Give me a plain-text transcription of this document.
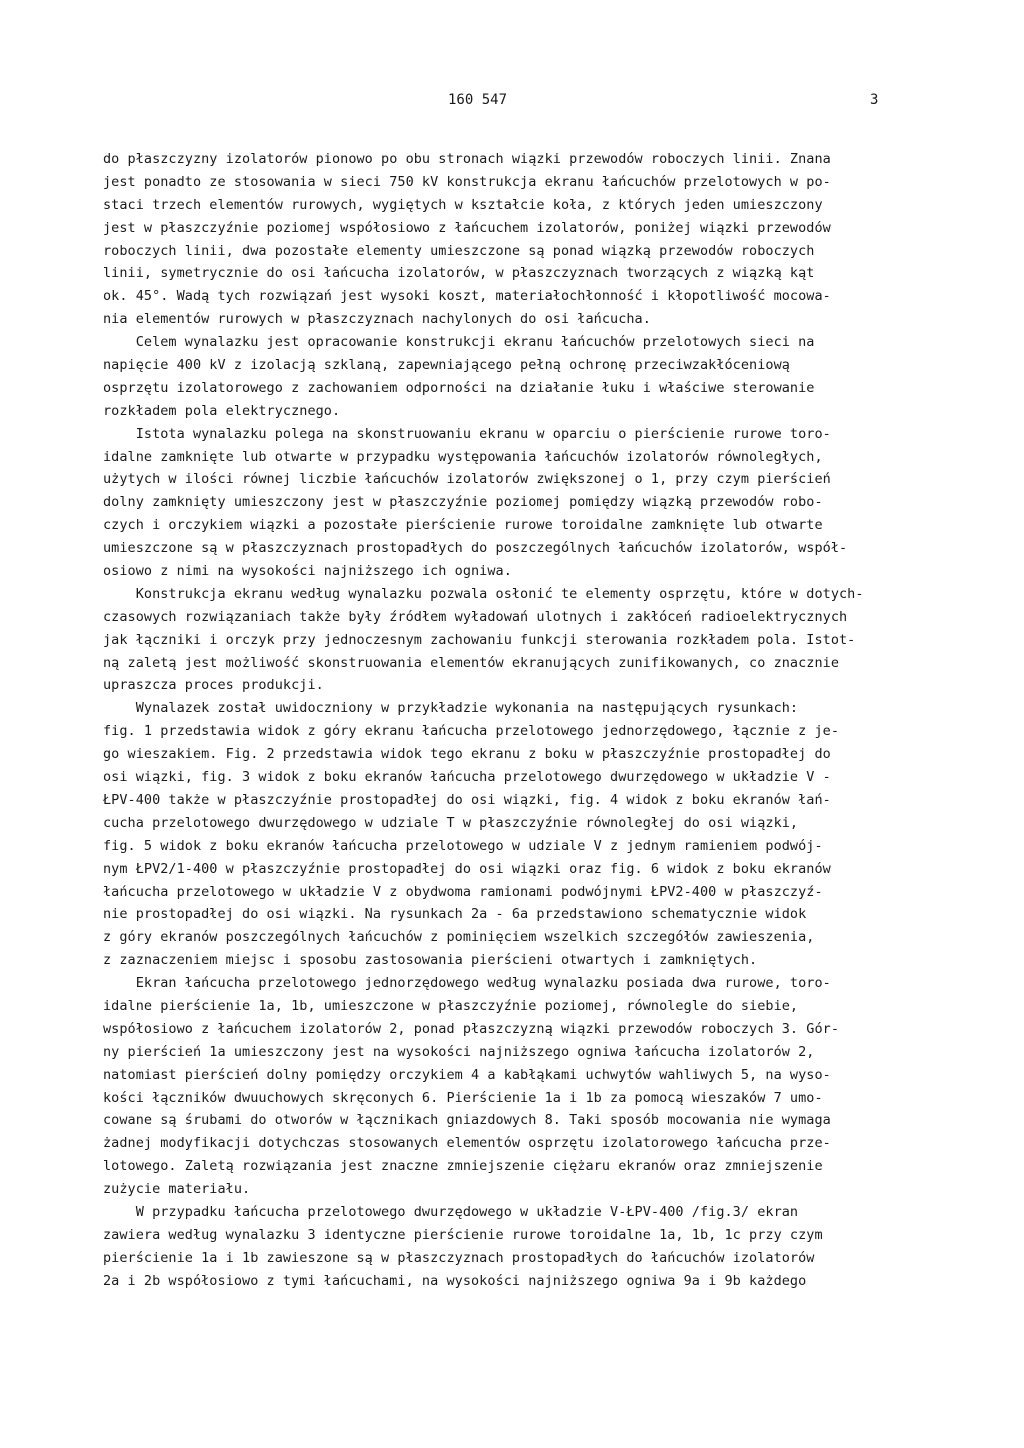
160 547	3
do płaszczyzny izolatorów pionowo po obu stronach wiązki przewodów roboczych linii. Znana
jest ponadto ze stosowania w sieci 750 kV konstrukcja ekranu łańcuchów przelotowych w po-
staci trzech elementów rurowych, wygiętych w kształcie koła, z których jeden umieszczony
jest w płaszczyźnie poziomej współosiowo z łańcuchem izolatorów, poniżej wiązki przewodów
roboczych linii, dwa pozostałe elementy umieszczone są ponad wiązką przewodów roboczych
linii, symetrycznie do osi łańcucha izolatorów, w płaszczyznach tworzących z wiązką kąt
ok. 45°. Wadą tych rozwiązań jest wysoki koszt, materiałochłonność i kłopotliwość mocowa-
nia elementów rurowych w płaszczyznach nachylonych do osi łańcucha.
Celem wynalazku jest opracowanie konstrukcji ekranu łańcuchów przelotowych sieci na
napięcie 400 kV z izolacją szklaną, zapewniającego pełną ochronę przeciwzakłóceniową
osprzętu izolatorowego z zachowaniem odporności na działanie łuku i właściwe sterowanie
rozkładem pola elektrycznego.
Istota wynalazku polega na skonstruowaniu ekranu w oparciu o pierścienie rurowe toro-
idalne zamknięte lub otwarte w przypadku występowania łańcuchów izolatorów równoległych,
użytych w ilości równej liczbie łańcuchów izolatorów zwiększonej o 1, przy czym pierścień
dolny zamknięty umieszczony jest w płaszczyźnie poziomej pomiędzy wiązką przewodów robo-
czych i orczykiem wiązki a pozostałe pierścienie rurowe toroidalne zamknięte lub otwarte
umieszczone są w płaszczyznach prostopadłych do poszczególnych łańcuchów izolatorów, współ-
osiowo z nimi na wysokości najniższego ich ogniwa.
Konstrukcja ekranu według wynalazku pozwala osłonić te elementy osprzętu, które w dotych-
czasowych rozwiązaniach także były źródłem wyładowań ulotnych i zakłóceń radioelektrycznych
jak łączniki i orczyk przy jednoczesnym zachowaniu funkcji sterowania rozkładem pola. Istot-
ną zaletą jest możliwość skonstruowania elementów ekranujących zunifikowanych, co znacznie
upraszcza proces produkcji.
Wynalazek został uwidoczniony w przykładzie wykonania na następujących rysunkach:
fig. 1 przedstawia widok z góry ekranu łańcucha przelotowego jednorzędowego, łącznie z je-
go wieszakiem. Fig. 2 przedstawia widok tego ekranu z boku w płaszczyźnie prostopadłej do
osi wiązki, fig. 3 widok z boku ekranów łańcucha przelotowego dwurzędowego w układzie V -
ŁPV-400 także w płaszczyźnie prostopadłej do osi wiązki, fig. 4 widok z boku ekranów łań-
cucha przelotowego dwurzędowego w udziale T w płaszczyźnie równoległej do osi wiązki,
fig. 5 widok z boku ekranów łańcucha przelotowego w udziale V z jednym ramieniem podwój-
nym ŁPV2/1-400 w płaszczyźnie prostopadłej do osi wiązki oraz fig. 6 widok z boku ekranów
łańcucha przelotowego w układzie V z obydwoma ramionami podwójnymi ŁPV2-400 w płaszczyź-
nie prostopadłej do osi wiązki. Na rysunkach 2a - 6a przedstawiono schematycznie widok
z góry ekranów poszczególnych łańcuchów z pominięciem wszelkich szczegółów zawieszenia,
z zaznaczeniem miejsc i sposobu zastosowania pierścieni otwartych i zamkniętych.
Ekran łańcucha przelotowego jednorzędowego według wynalazku posiada dwa rurowe, toro-
idalne pierścienie 1a, 1b, umieszczone w płaszczyźnie poziomej, równolegle do siebie,
współosiowo z łańcuchem izolatorów 2, ponad płaszczyzną wiązki przewodów roboczych 3. Gór-
ny pierścień 1a umieszczony jest na wysokości najniższego ogniwa łańcucha izolatorów 2,
natomiast pierścień dolny pomiędzy orczykiem 4 a kabłąkami uchwytów wahliwych 5, na wyso-
kości łączników dwuuchowych skręconych 6. Pierścienie 1a i 1b za pomocą wieszaków 7 umo-
cowane są śrubami do otworów w łącznikach gniazdowych 8. Taki sposób mocowania nie wymaga
żadnej modyfikacji dotychczas stosowanych elementów osprzętu izolatorowego łańcucha prze-
lotowego. Zaletą rozwiązania jest znaczne zmniejszenie ciężaru ekranów oraz zmniejszenie
zużycie materiału.
W przypadku łańcucha przelotowego dwurzędowego w układzie V-ŁPV-400 /fig.3/ ekran
zawiera według wynalazku 3 identyczne pierścienie rurowe toroidalne 1a, 1b, 1c przy czym
pierścienie 1a i 1b zawieszone są w płaszczyznach prostopadłych do łańcuchów izolatorów
2a i 2b współosiowo z tymi łańcuchami, na wysokości najniższego ogniwa 9a i 9b każdego
